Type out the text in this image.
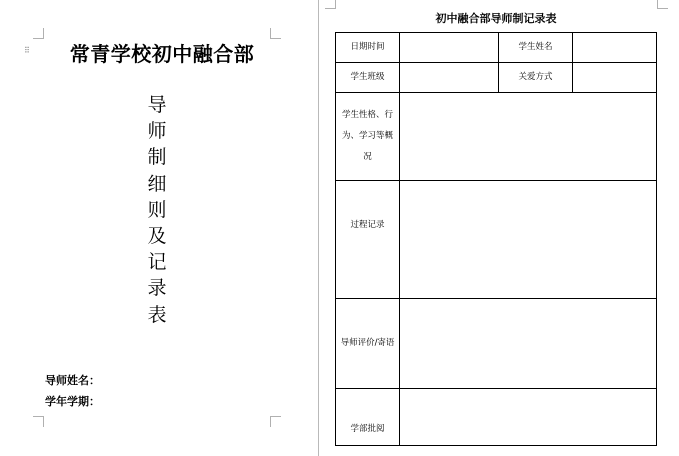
⠿	常青学校初中融合部
导
师
制
细
则
及
记
录
表
导师姓名：
学年学期：
初中融合部导师制记录表
日期时间	学生姓名
学生班级	关爱方式
学生性格、行为、学习等概况
过程记录
导师评价/寄语
学部批阅
